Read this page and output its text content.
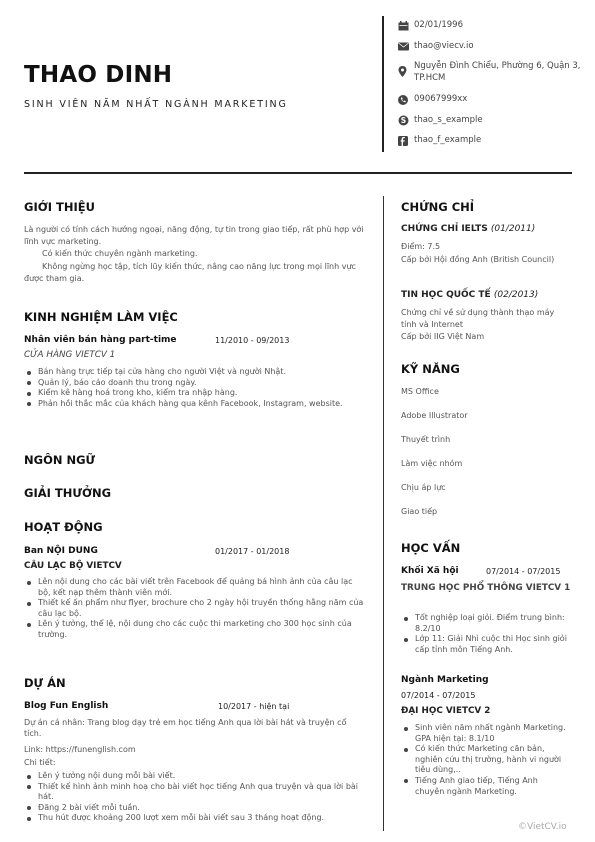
THAO DINH
SINH VIÊN NĂM NHẤT NGÀNH MARKETING
02/01/1996
thao@viecv.io
Nguyễn Đình Chiểu, Phường 6, Quận 3, TP.HCM
09067999xx
S thao_s_example
thao_f_example
GIỚI THIỆU
Là người có tính cách hướng ngoại, năng động, tự tin trong giao tiếp, rất phù hợp với lĩnh vực marketing.
Có kiến thức chuyên ngành marketing.
Không ngừng học tập, tích lũy kiến thức, nâng cao năng lực trong mọi lĩnh vực được tham gia.
KINH NGHIỆM LÀM VIỆC
Nhân viên bán hàng part-time	11/2010 - 09/2013
CỬA HÀNG VIETCV 1
Bán hàng trực tiếp tại cửa hàng cho người Việt và người Nhật.
Quản lý, báo cáo doanh thu trong ngày.
Kiểm kê hàng hoá trong kho, kiểm tra nhập hàng.
Phản hồi thắc mắc của khách hàng qua kênh Facebook, Instagram, website.
NGÔN NGỮ
GIẢI THƯỞNG
HOẠT ĐỘNG
Ban NỘI DUNG	01/2017 - 01/2018
CÂU LẠC BỘ VIETCV
Lên nội dung cho các bài viết trên Facebook để quảng bá hình ảnh của câu lạc bộ, kết nạp thêm thành viên mới.
Thiết kế ấn phẩm như flyer, brochure cho 2 ngày hội truyền thống hằng năm của câu lạc bộ.
Lên ý tưởng, thể lệ, nội dung cho các cuộc thi marketing cho 300 học sinh của trường.
DỰ ÁN
Blog Fun English	10/2017 - hiện tại
Dự án cá nhân: Trang blog dạy trẻ em học tiếng Anh qua lời bài hát và truyện cổ tích.
Link: https://funenglish.com
Chi tiết:
Lên ý tưởng nội dung mỗi bài viết.
Thiết kế hình ảnh minh hoạ cho bài viết học tiếng Anh qua truyện và qua lời bài hát.
Đăng 2 bài viết mỗi tuần.
Thu hút được khoảng 200 lượt xem mỗi bài viết sau 3 tháng hoạt động.
CHỨNG CHỈ
CHỨNG CHỈ IELTS (01/2011)
Điểm: 7.5
Cấp bởi Hội đồng Anh (British Council)
TIN HỌC QUỐC TẾ (02/2013)
Chứng chỉ về sử dụng thành thạo máy tính và Internet
Cấp bởi IIG Việt Nam
KỸ NĂNG
MS Office
Adobe Illustrator
Thuyết trình
Làm việc nhóm
Chịu áp lực
Giao tiếp
HỌC VẤN
Khối Xã hội	07/2014 - 07/2015
TRUNG HỌC PHỔ THÔNG VIETCV 1
Tốt nghiệp loại giỏi. Điểm trung bình: 8.2/10
Lớp 11: Giải Nhì cuộc thi Học sinh giỏi cấp tỉnh môn Tiếng Anh.
Ngành Marketing
07/2014 - 07/2015
ĐẠI HỌC VIETCV 2
Sinh viên năm nhất ngành Marketing. GPA hiện tại: 8.1/10
Có kiến thức Marketing căn bản, nghiên cứu thị trường, hành vi người tiêu dùng,..
Tiếng Anh giao tiếp, Tiếng Anh chuyên ngành Marketing.
©VietCV.io
